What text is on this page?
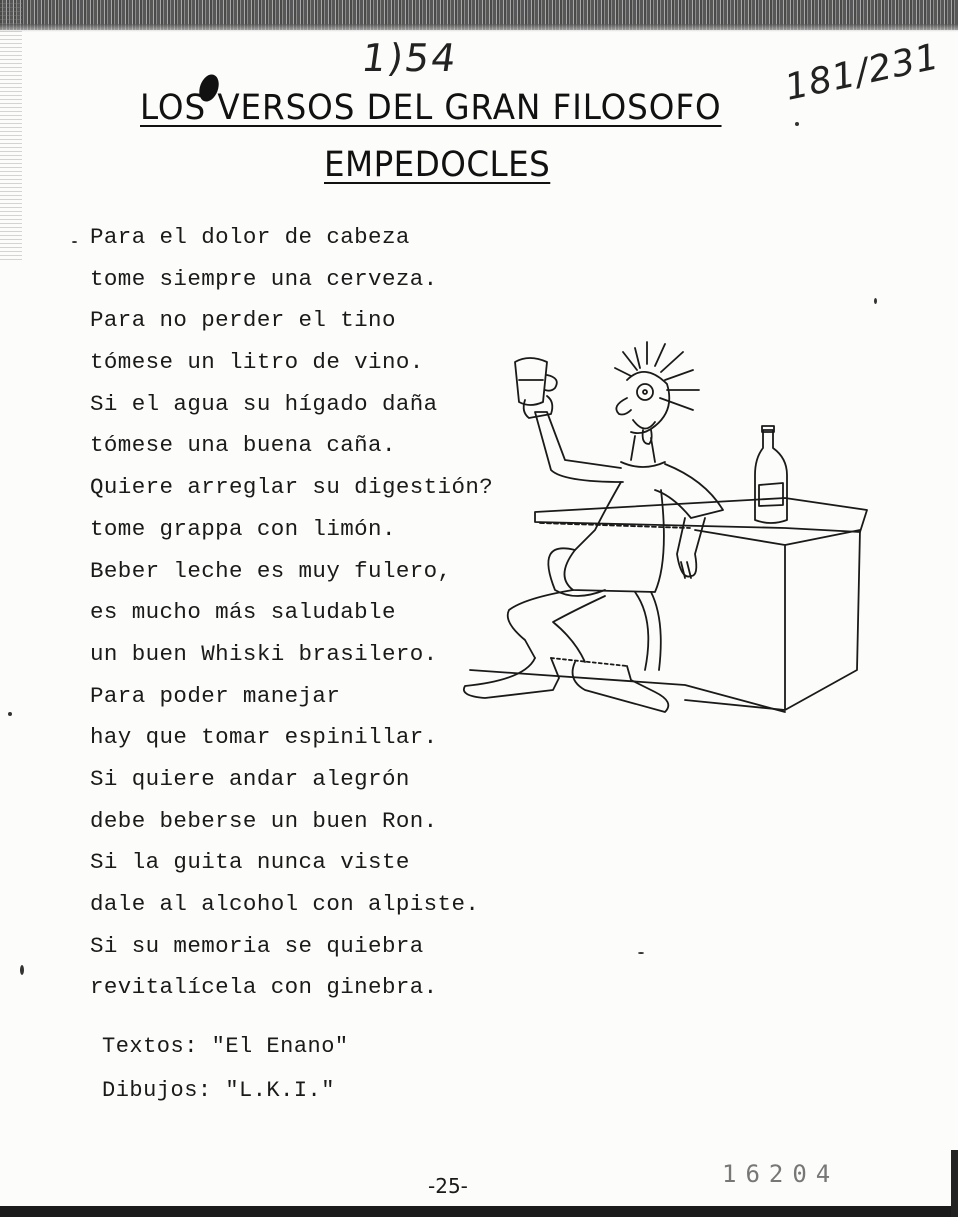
1)54	181/231
LOS VERSOS DEL GRAN FILOSOFO
EMPEDOCLES
Para el dolor de cabeza
tome siempre una cerveza.
Para no perder el tino
tómese un litro de vino.
Si el agua su hígado daña
tómese una buena caña.
Quiere arreglar su digestión?
tome grappa con limón.
Beber leche es muy fulero,
es mucho más saludable
un buen Whiski brasilero.
Para poder manejar
hay que tomar espinillar.
Si quiere andar alegrón
debe beberse un buen Ron.
Si la guita nunca viste
dale al alcohol con alpiste.
Si su memoria se quiebra
revitalícela con ginebra.
Textos: "El Enano"
Dibujos: "L.K.I."
-25-	16204
